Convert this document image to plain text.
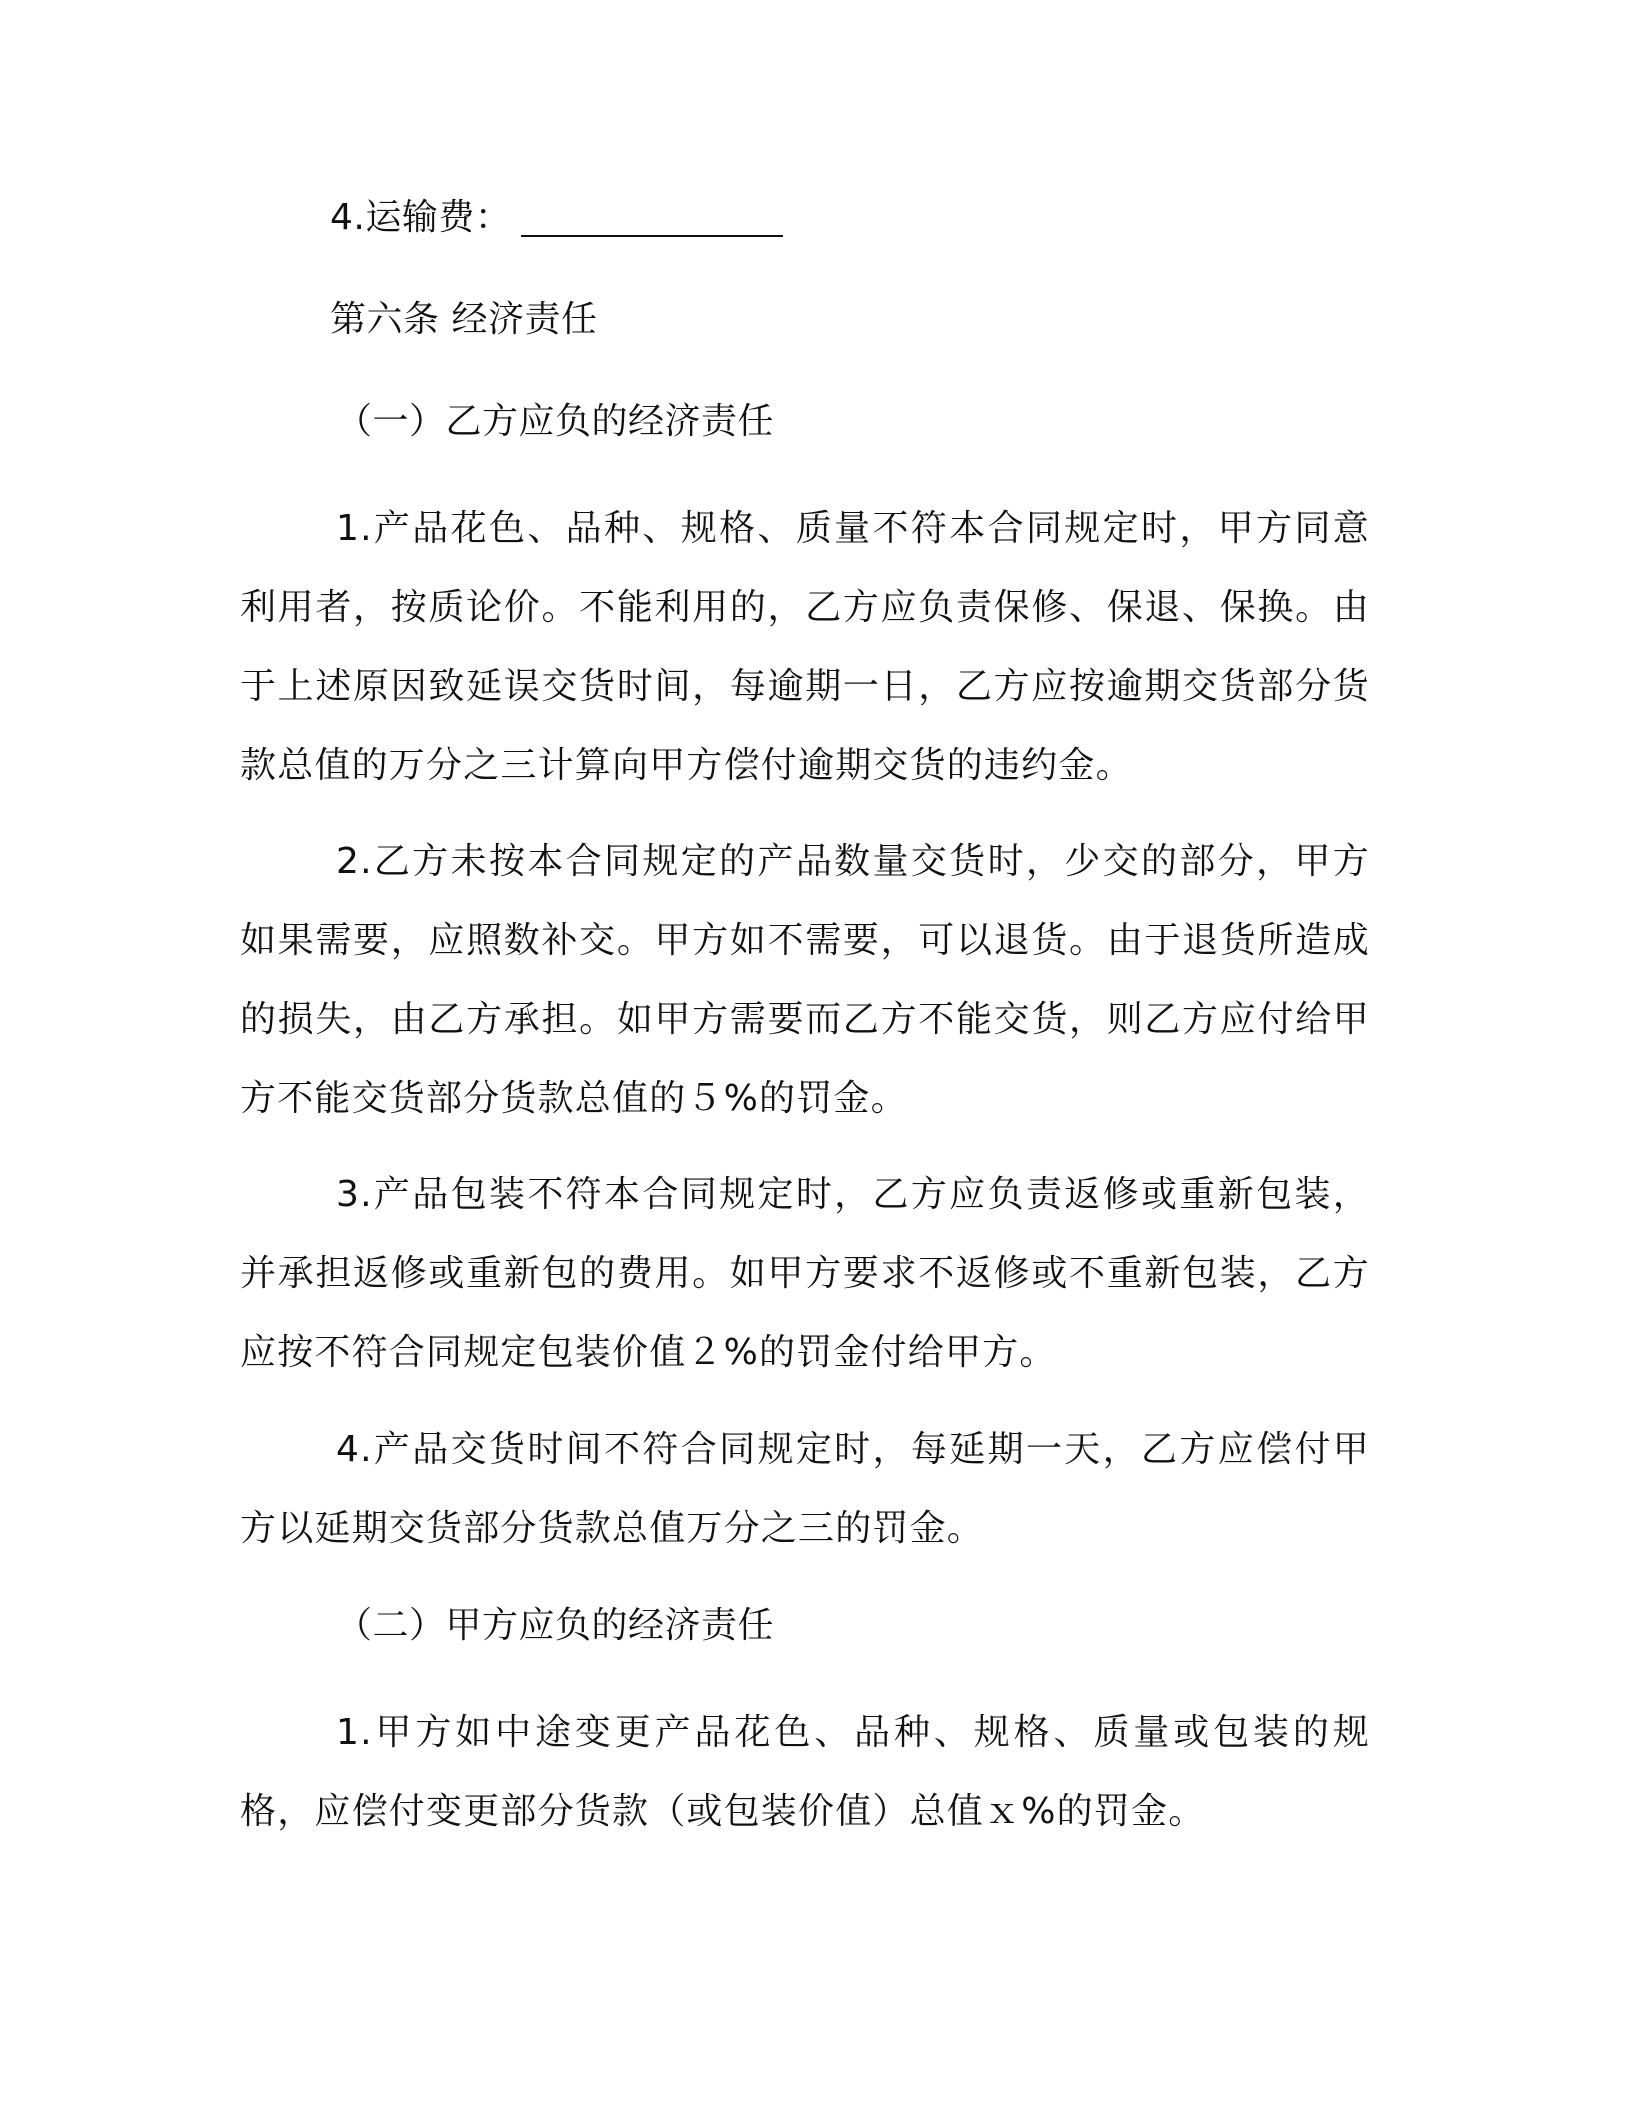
4.运输费：
第六条 经济责任
（一）乙方应负的经济责任
1.产品花色、品种、规格、质量不符本合同规定时，甲方同意利用者，按质论价。不能利用的，乙方应负责保修、保退、保换。由于上述原因致延误交货时间，每逾期一日，乙方应按逾期交货部分货款总值的万分之三计算向甲方偿付逾期交货的违约金。
2.乙方未按本合同规定的产品数量交货时，少交的部分，甲方如果需要，应照数补交。甲方如不需要，可以退货。由于退货所造成的损失，由乙方承担。如甲方需要而乙方不能交货，则乙方应付给甲方不能交货部分货款总值的５%的罚金。
3.产品包装不符本合同规定时，乙方应负责返修或重新包装，并承担返修或重新包的费用。如甲方要求不返修或不重新包装，乙方应按不符合同规定包装价值２%的罚金付给甲方。
4.产品交货时间不符合同规定时，每延期一天，乙方应偿付甲方以延期交货部分货款总值万分之三的罚金。
（二）甲方应负的经济责任
1.甲方如中途变更产品花色、品种、规格、质量或包装的规格，应偿付变更部分货款（或包装价值）总值ｘ%的罚金。
